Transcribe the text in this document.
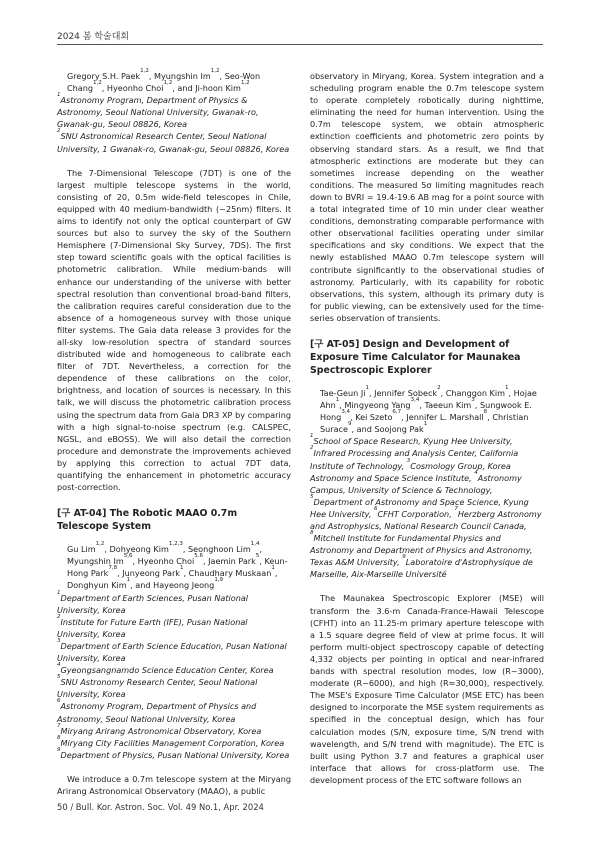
2024 봄 학술대회

Gregory S.H. Paek$^{1,2}$, Myungshin Im$^{1,2}$, Seo-Won Chang$^{1,2}$, Hyeonho Choi$^{1,2}$, and Ji-hoon Kim$^{1,2}$

$^1$Astronomy Program, Department of Physics & Astronomy, Seoul National University, Gwanak-ro, Gwanak-gu, Seoul 08826, Korea

$^2$SNU Astronomical Research Center, Seoul National University, 1 Gwanak-ro, Gwanak-gu, Seoul 08826, Korea

The 7-Dimensional Telescope (7DT) is one of the largest multiple telescope systems in the world, consisting of 20, 0.5m wide-field telescopes in Chile, equipped with 40 medium-bandwidth (~25nm) filters. It aims to identify not only the optical counterpart of GW sources but also to survey the sky of the Southern Hemisphere (7-Dimensional Sky Survey, 7DS). The first step toward scientific goals with the optical facilities is photometric calibration. While medium-bands will enhance our understanding of the universe with better spectral resolution than conventional broad-band filters, the calibration requires careful consideration due to the absence of a homogeneous survey with those unique filter systems. The Gaia data release 3 provides for the all-sky low-resolution spectra of standard sources distributed wide and homogeneous to calibrate each filter of 7DT. Nevertheless, a correction for the dependence of these calibrations on the color, brightness, and location of sources is necessary. In this talk, we will discuss the photometric calibration process using the spectrum data from Gaia DR3 XP by comparing with a high signal-to-noise spectrum (e.g. CALSPEC, NGSL, and eBOSS). We will also detail the correction procedure and demonstrate the improvements achieved by applying this correction to actual 7DT data, quantifying the enhancement in photometric accuracy post-correction.

[구 AT-04] The Robotic MAAO 0.7m Telescope System

Gu Lim$^{1,2}$, Dohyeong Kim$^{1,2,3}$, Seonghoon Lim$^{1,4}$, Myungshin Im$^{5,6}$, Hyeonho Choi$^{5,6}$, Jaemin Park$^5$, Keun-Hong Park$^{7,8}$, Junyeong Park$^1$, Chaudhary Muskaan$^1$, Donghyun Kim$^1$, and Hayeong Jeong$^{1,9}$

$^1$Department of Earth Sciences, Pusan National University, Korea

$^2$Institute for Future Earth (IFE), Pusan National University, Korea

$^3$Department of Earth Science Education, Pusan National University, Korea

$^4$Gyeongsangnamdo Science Education Center, Korea

$^5$SNU Astronomy Research Center, Seoul National University, Korea

$^6$Astronomy Program, Department of Physics and Astronomy, Seoul National University, Korea

$^7$Miryang Arirang Astronomical Observatory, Korea

$^8$Miryang City Facilities Management Corporation, Korea

$^9$Department of Physics, Pusan National University, Korea

We introduce a 0.7m telescope system at the Miryang Arirang Astronomical Observatory (MAAO), a public

observatory in Miryang, Korea. System integration and a scheduling program enable the 0.7m telescope system to operate completely robotically during nighttime, eliminating the need for human intervention. Using the 0.7m telescope system, we obtain atmospheric extinction coefficients and photometric zero points by observing standard stars. As a result, we find that atmospheric extinctions are moderate but they can sometimes increase depending on the weather conditions. The measured 5σ limiting magnitudes reach down to BVRI = 19.4-19.6 AB mag for a point source with a total integrated time of 10 min under clear weather conditions, demonstrating comparable performance with other observational facilities operating under similar specifications and sky conditions. We expect that the newly established MAAO 0.7m telescope system will contribute significantly to the observational studies of astronomy. Particularly, with its capability for robotic observations, this system, although its primary duty is for public viewing, can be extensively used for the time-series observation of transients.

[구 AT-05] Design and Development of Exposure Time Calculator for Maunakea Spectroscopic Explorer

Tae-Geun Ji$^1$, Jennifer Sobeck$^2$, Changgon Kim$^1$, Hojae Ahn$^1$, Mingyeong Yang$^{3,4}$, Taeeun Kim$^3$, Sungwook E. Hong$^{3,4}$, Kei Szeto$^{6,7}$, Jennifer L. Marshall$^8$, Christian Surace$^9$, and Soojong Pak$^1$

$^1$School of Space Research, Kyung Hee University, $^2$Infrared Processing and Analysis Center, California Institute of Technology, $^3$Cosmology Group, Korea Astronomy and Space Science Institute, $^4$Astronomy Campus, University of Science & Technology, $^5$Department of Astronomy and Space Science, Kyung Hee University, $^6$CFHT Corporation, $^7$Herzberg Astronomy and Astrophysics, National Research Council Canada, $^8$Mitchell Institute for Fundamental Physics and Astronomy and Department of Physics and Astronomy, Texas A&M University, $^9$Laboratoire d'Astrophysique de Marseille, Aix-Marseille Université

The Maunakea Spectroscopic Explorer (MSE) will transform the 3.6-m Canada-France-Hawaii Telescope (CFHT) into an 11.25-m primary aperture telescope with a 1.5 square degree field of view at prime focus. It will perform multi-object spectroscopy capable of detecting 4,332 objects per pointing in optical and near-infrared bands with spectral resolution modes, low (R~3000), moderate (R~6000), and high (R≈30,000), respectively. The MSE's Exposure Time Calculator (MSE ETC) has been designed to incorporate the MSE system requirements as specified in the conceptual design, which has four calculation modes (S/N, exposure time, S/N trend with wavelength, and S/N trend with magnitude). The ETC is built using Python 3.7 and features a graphical user interface that allows for cross-platform use. The development process of the ETC software follows an

50 / Bull. Kor. Astron. Soc. Vol. 49 No.1, Apr. 2024
